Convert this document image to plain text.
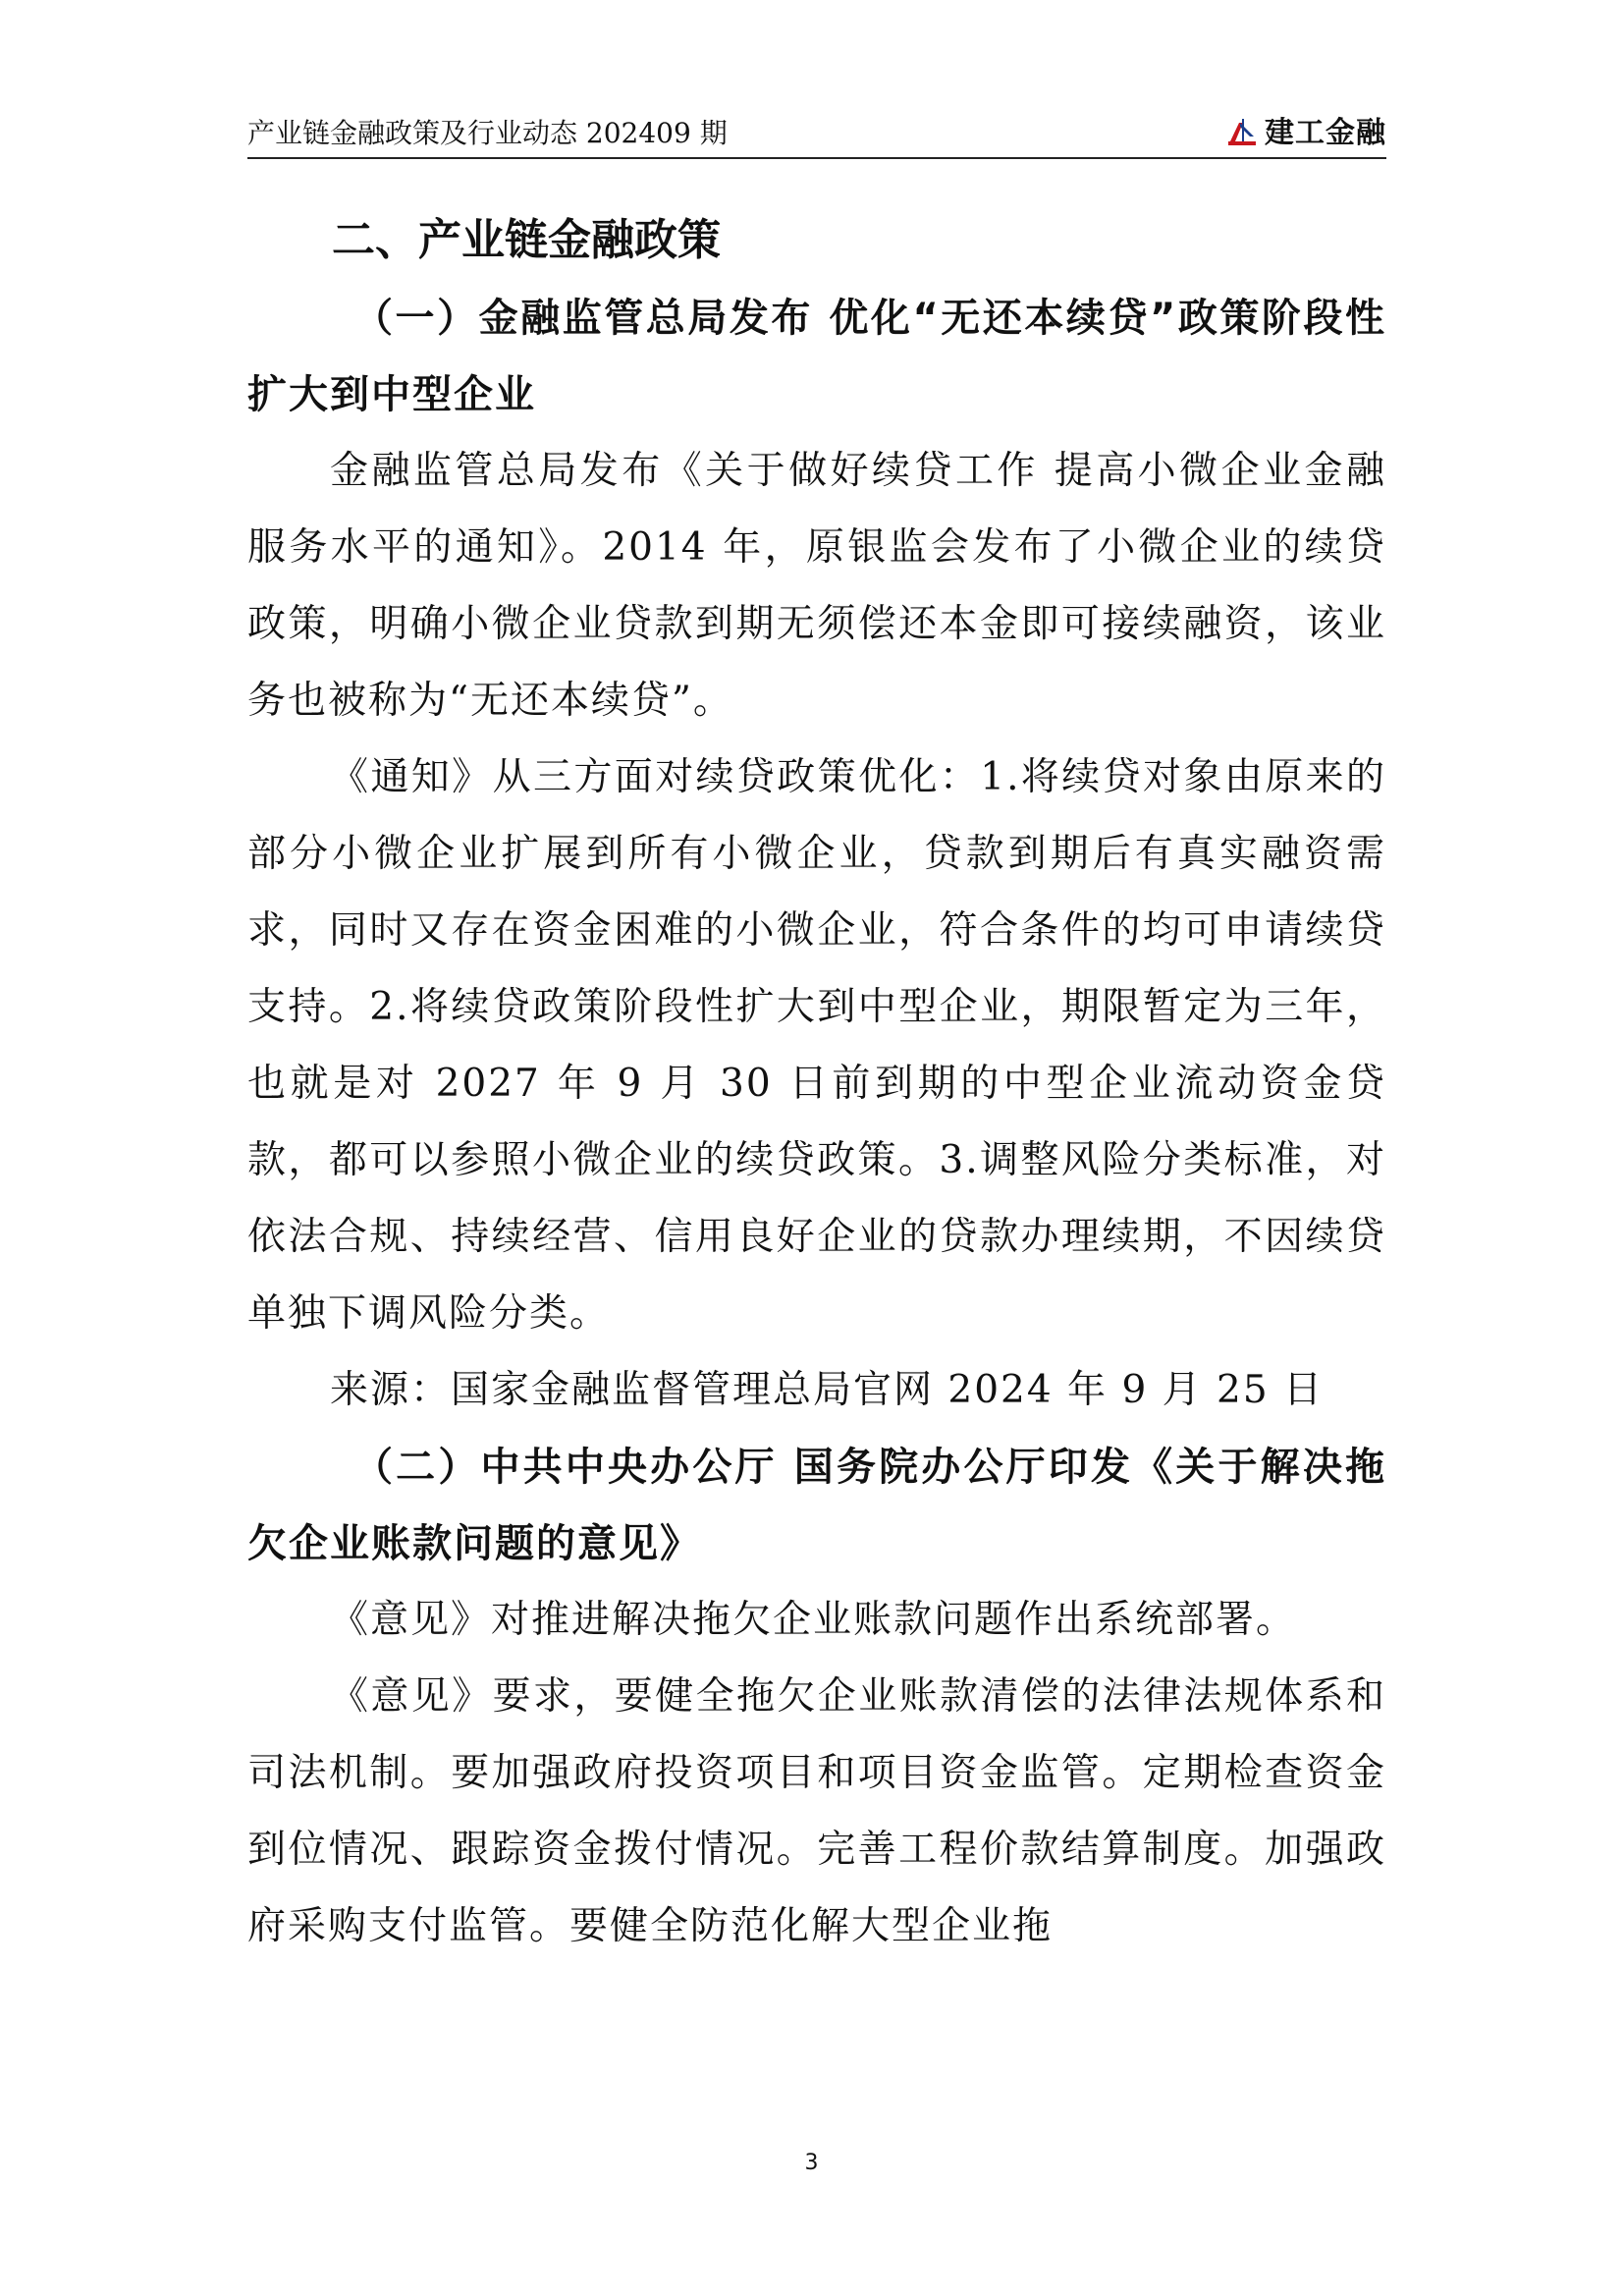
产业链金融政策及行业动态 202409 期	建工金融
二、产业链金融政策
（一）金融监管总局发布 优化“无还本续贷”政策阶段性扩大到中型企业

金融监管总局发布《关于做好续贷工作 提高小微企业金融服务水平的通知》。2014 年，原银监会发布了小微企业的续贷政策，明确小微企业贷款到期无须偿还本金即可接续融资，该业务也被称为“无还本续贷”。

《通知》从三方面对续贷政策优化：1.将续贷对象由原来的部分小微企业扩展到所有小微企业，贷款到期后有真实融资需求，同时又存在资金困难的小微企业，符合条件的均可申请续贷支持。2.将续贷政策阶段性扩大到中型企业，期限暂定为三年，也就是对 2027 年 9 月 30 日前到期的中型企业流动资金贷款，都可以参照小微企业的续贷政策。3.调整风险分类标准，对依法合规、持续经营、信用良好企业的贷款办理续期，不因续贷单独下调风险分类。

来源：国家金融监督管理总局官网 2024 年 9 月 25 日

（二）中共中央办公厅 国务院办公厅印发《关于解决拖欠企业账款问题的意见》

《意见》对推进解决拖欠企业账款问题作出系统部署。

《意见》要求，要健全拖欠企业账款清偿的法律法规体系和司法机制。要加强政府投资项目和项目资金监管。定期检查资金到位情况、跟踪资金拨付情况。完善工程价款结算制度。加强政府采购支付监管。要健全防范化解大型企业拖

3
